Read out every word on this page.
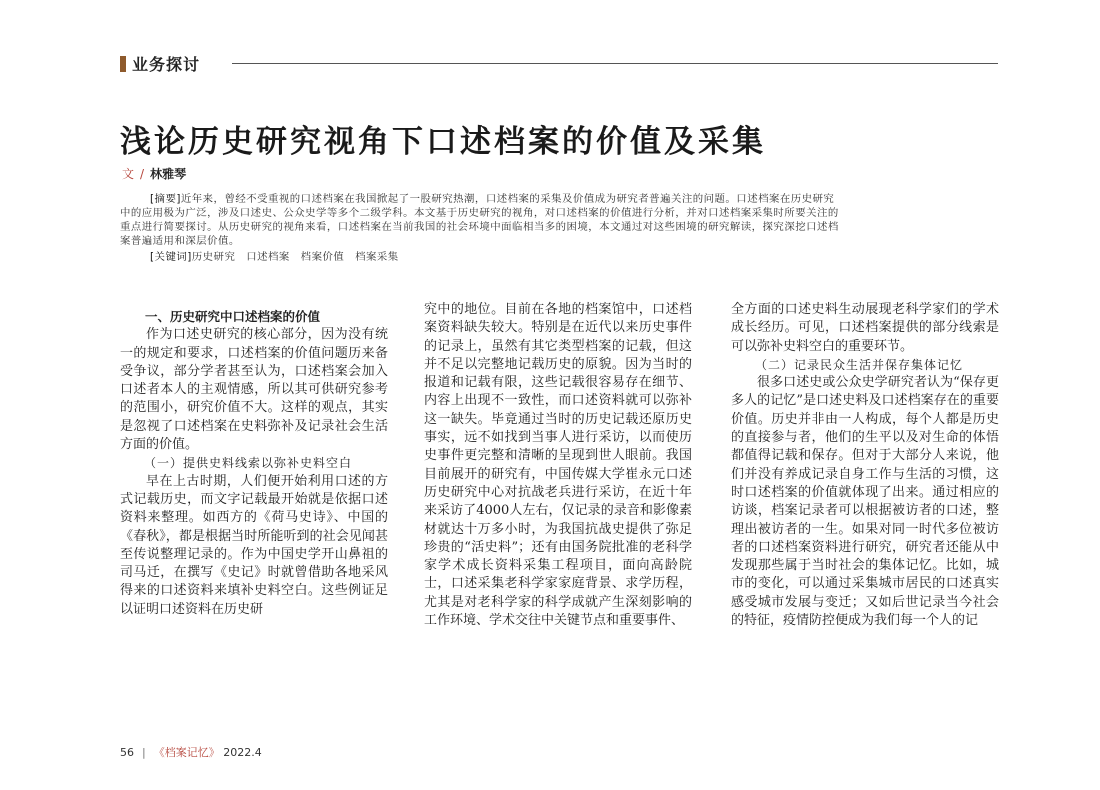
业务探讨
浅论历史研究视角下口述档案的价值及采集
文 / 林雅琴

[摘要]近年来，曾经不受重视的口述档案在我国掀起了一股研究热潮，口述档案的采集及价值成为研究者普遍关注的问题。口述档案在历史研究中的应用极为广泛，涉及口述史、公众史学等多个二级学科。本文基于历史研究的视角，对口述档案的价值进行分析，并对口述档案采集时所要关注的重点进行简要探讨。从历史研究的视角来看，口述档案在当前我国的社会环境中面临相当多的困境，本文通过对这些困境的研究解读，探究深挖口述档案普遍适用和深层价值。

[关键词]历史研究　口述档案　档案价值　档案采集

一、历史研究中口述档案的价值

作为口述史研究的核心部分，因为没有统一的规定和要求，口述档案的价值问题历来备受争议，部分学者甚至认为，口述档案会加入口述者本人的主观情感，所以其可供研究参考的范围小，研究价值不大。这样的观点，其实是忽视了口述档案在史料弥补及记录社会生活方面的价值。

（一）提供史料线索以弥补史料空白

早在上古时期，人们便开始利用口述的方式记载历史，而文字记载最开始就是依据口述资料来整理。如西方的《荷马史诗》、中国的《春秋》，都是根据当时所能听到的社会见闻甚至传说整理记录的。作为中国史学开山鼻祖的司马迁，在撰写《史记》时就曾借助各地采风得来的口述资料来填补史料空白。这些例证足以证明口述资料在历史研

究中的地位。目前在各地的档案馆中，口述档案资料缺失较大。特别是在近代以来历史事件的记录上，虽然有其它类型档案的记载，但这并不足以完整地记载历史的原貌。因为当时的报道和记载有限，这些记载很容易存在细节、内容上出现不一致性，而口述资料就可以弥补这一缺失。毕竟通过当时的历史记载还原历史事实，远不如找到当事人进行采访，以而使历史事件更完整和清晰的呈现到世人眼前。我国目前展开的研究有，中国传媒大学崔永元口述历史研究中心对抗战老兵进行采访，在近十年来采访了4000人左右，仅记录的录音和影像素材就达十万多小时，为我国抗战史提供了弥足珍贵的“活史料”；还有由国务院批准的老科学家学术成长资料采集工程项目，面向高龄院士，口述采集老科学家家庭背景、求学历程，尤其是对老科学家的科学成就产生深刻影响的工作环境、学术交往中关键节点和重要事件、

全方面的口述史料生动展现老科学家们的学术成长经历。可见，口述档案提供的部分线索是可以弥补史料空白的重要环节。

（二）记录民众生活并保存集体记忆

很多口述史或公众史学研究者认为“保存更多人的记忆”是口述史料及口述档案存在的重要价值。历史并非由一人构成，每个人都是历史的直接参与者，他们的生平以及对生命的体悟都值得记载和保存。但对于大部分人来说，他们并没有养成记录自身工作与生活的习惯，这时口述档案的价值就体现了出来。通过相应的访谈，档案记录者可以根据被访者的口述，整理出被访者的一生。如果对同一时代多位被访者的口述档案资料进行研究，研究者还能从中发现那些属于当时社会的集体记忆。比如，城市的变化，可以通过采集城市居民的口述真实感受城市发展与变迁；又如后世记录当今社会的特征，疫情防控便成为我们每一个人的记

56 | 《档案记忆》 2022.4
